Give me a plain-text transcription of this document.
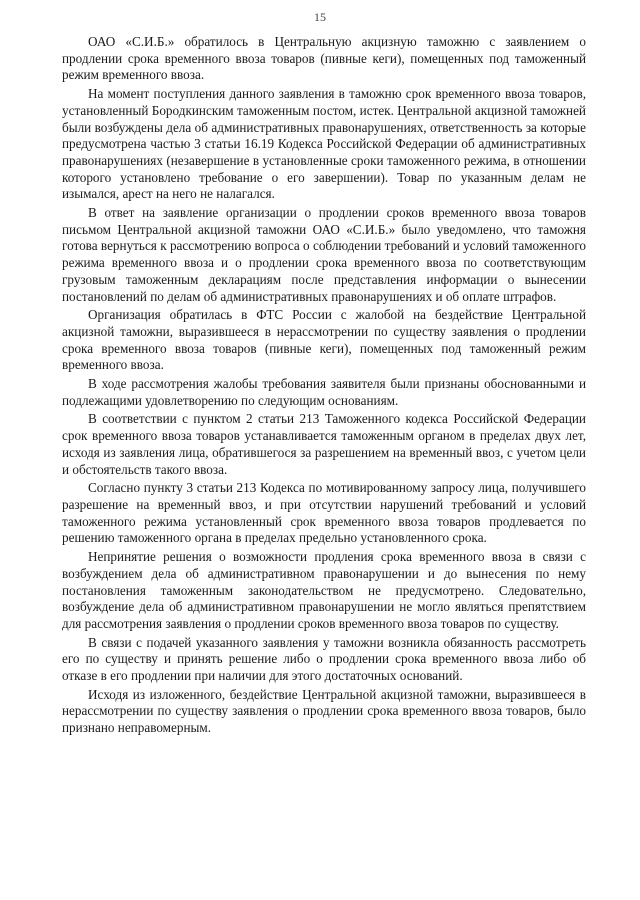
15

ОАО «С.И.Б.» обратилось в Центральную акцизную таможню с заявлением о продлении срока временного ввоза товаров (пивные кеги), помещенных под таможенный режим временного ввоза.

На момент поступления данного заявления в таможню срок временного ввоза товаров, установленный Бородкинским таможенным постом, истек. Центральной акцизной таможней были возбуждены дела об административных правонарушениях, ответственность за которые предусмотрена частью 3 статьи 16.19 Кодекса Российской Федерации об административных правонарушениях (незавершение в установленные сроки таможенного режима, в отношении которого установлено требование о его завершении). Товар по указанным делам не изымался, арест на него не налагался.

В ответ на заявление организации о продлении сроков временного ввоза товаров письмом Центральной акцизной таможни ОАО «С.И.Б.» было уведомлено, что таможня готова вернуться к рассмотрению вопроса о соблюдении требований и условий таможенного режима временного ввоза и о продлении срока временного ввоза по соответствующим грузовым таможенным декларациям после представления информации о вынесении постановлений по делам об административных правонарушениях и об оплате штрафов.

Организация обратилась в ФТС России с жалобой на бездействие Центральной акцизной таможни, выразившееся в нерассмотрении по существу заявления о продлении срока временного ввоза товаров (пивные кеги), помещенных под таможенный режим временного ввоза.

В ходе рассмотрения жалобы требования заявителя были признаны обоснованными и подлежащими удовлетворению по следующим основаниям.

В соответствии с пунктом 2 статьи 213 Таможенного кодекса Российской Федерации срок временного ввоза товаров устанавливается таможенным органом в пределах двух лет, исходя из заявления лица, обратившегося за разрешением на временный ввоз, с учетом цели и обстоятельств такого ввоза.

Согласно пункту 3 статьи 213 Кодекса по мотивированному запросу лица, получившего разрешение на временный ввоз, и при отсутствии нарушений требований и условий таможенного режима установленный срок временного ввоза товаров продлевается по решению таможенного органа в пределах предельно установленного срока.

Непринятие решения о возможности продления срока временного ввоза в связи с возбуждением дела об административном правонарушении и до вынесения по нему постановления таможенным законодательством не предусмотрено. Следовательно, возбуждение дела об административном правонарушении не могло являться препятствием для рассмотрения заявления о продлении сроков временного ввоза товаров по существу.

В связи с подачей указанного заявления у таможни возникла обязанность рассмотреть его по существу и принять решение либо о продлении срока временного ввоза либо об отказе в его продлении при наличии для этого достаточных оснований.

Исходя из изложенного, бездействие Центральной акцизной таможни, выразившееся в нерассмотрении по существу заявления о продлении срока временного ввоза товаров, было признано неправомерным.
